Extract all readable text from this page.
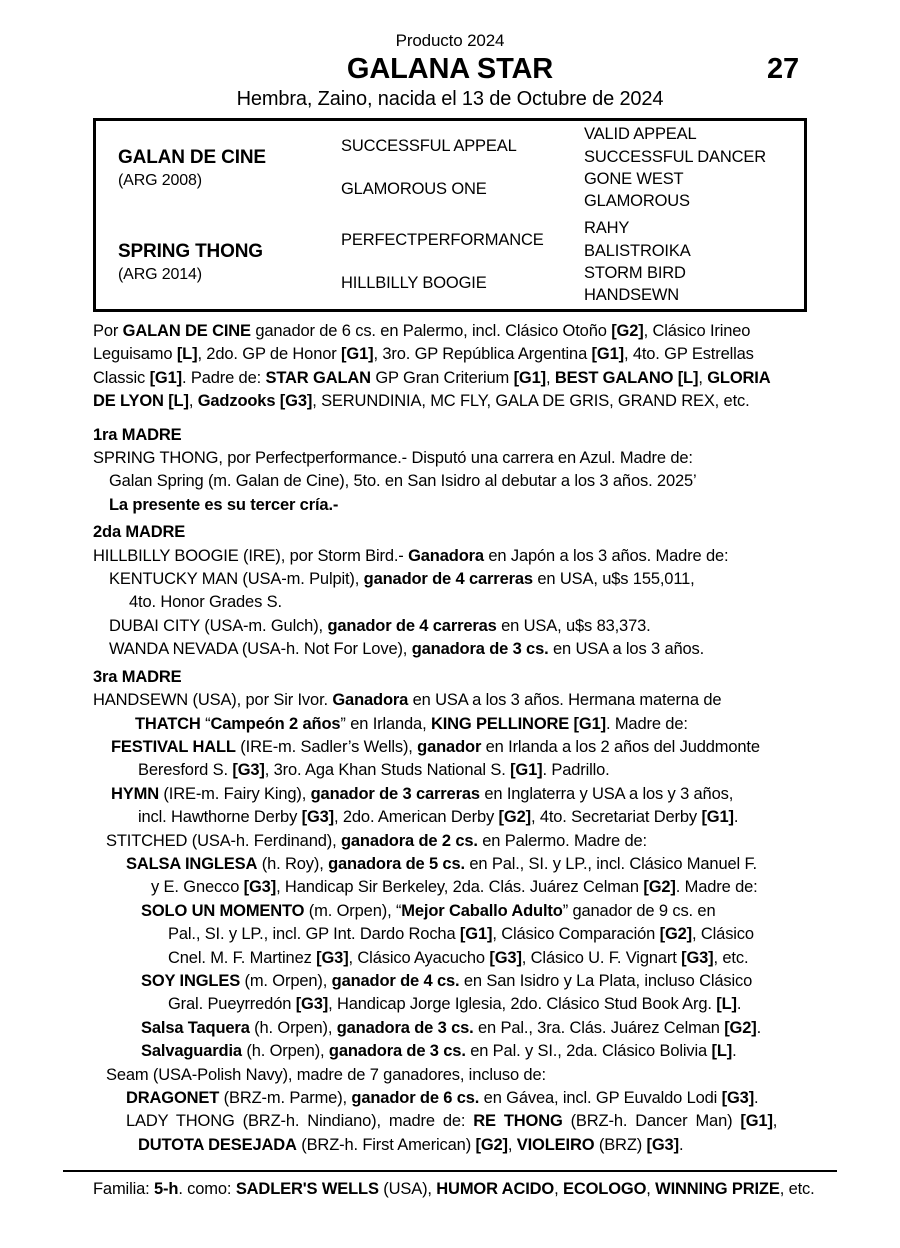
Producto 2024
GALANA STAR	27
Hembra, Zaino, nacida el 13 de Octubre de 2024
GALAN DE CINE
(ARG 2008)
SUCCESSFUL APPEAL
GLAMOROUS ONE
VALID APPEAL
SUCCESSFUL DANCER
GONE WEST
GLAMOROUS
SPRING THONG
(ARG 2014)
PERFECTPERFORMANCE
HILLBILLY BOOGIE
RAHY
BALISTROIKA
STORM BIRD
HANDSEWN
Por GALAN DE CINE ganador de 6 cs. en Palermo, incl. Clásico Otoño [G2], Clásico Irineo
Leguisamo [L], 2do. GP de Honor [G1], 3ro. GP República Argentina [G1], 4to. GP Estrellas
Classic [G1]. Padre de: STAR GALAN GP Gran Criterium [G1], BEST GALANO [L], GLORIA
DE LYON [L], Gadzooks [G3], SERUNDINIA, MC FLY, GALA DE GRIS, GRAND REX, etc.
1ra MADRE
SPRING THONG, por Perfectperformance.- Disputó una carrera en Azul. Madre de:
Galan Spring (m. Galan de Cine), 5to. en San Isidro al debutar a los 3 años. 2025’
La presente es su tercer cría.-
2da MADRE
HILLBILLY BOOGIE (IRE), por Storm Bird.- Ganadora en Japón a los 3 años. Madre de:
KENTUCKY MAN (USA-m. Pulpit), ganador de 4 carreras en USA, u$s 155,011,
4to. Honor Grades S.
DUBAI CITY (USA-m. Gulch), ganador de 4 carreras en USA, u$s 83,373.
WANDA NEVADA (USA-h. Not For Love), ganadora de 3 cs. en USA a los 3 años.
3ra MADRE
HANDSEWN (USA), por Sir Ivor. Ganadora en USA a los 3 años. Hermana materna de
THATCH “Campeón 2 años” en Irlanda, KING PELLINORE [G1]. Madre de:
FESTIVAL HALL (IRE-m. Sadler’s Wells), ganador en Irlanda a los 2 años del Juddmonte
Beresford S. [G3], 3ro. Aga Khan Studs National S. [G1]. Padrillo.
HYMN (IRE-m. Fairy King), ganador de 3 carreras en Inglaterra y USA a los y 3 años,
incl. Hawthorne Derby [G3], 2do. American Derby [G2], 4to. Secretariat Derby [G1].
STITCHED (USA-h. Ferdinand), ganadora de 2 cs. en Palermo. Madre de:
SALSA INGLESA (h. Roy), ganadora de 5 cs. en Pal., SI. y LP., incl. Clásico Manuel F.
y E. Gnecco [G3], Handicap Sir Berkeley, 2da. Clás. Juárez Celman [G2]. Madre de:
SOLO UN MOMENTO (m. Orpen), “Mejor Caballo Adulto” ganador de 9 cs. en
Pal., SI. y LP., incl. GP Int. Dardo Rocha [G1], Clásico Comparación [G2], Clásico
Cnel. M. F. Martinez [G3], Clásico Ayacucho [G3], Clásico U. F. Vignart [G3], etc.
SOY INGLES (m. Orpen), ganador de 4 cs. en San Isidro y La Plata, incluso Clásico
Gral. Pueyrredón [G3], Handicap Jorge Iglesia, 2do. Clásico Stud Book Arg. [L].
Salsa Taquera (h. Orpen), ganadora de 3 cs. en Pal., 3ra. Clás. Juárez Celman [G2].
Salvaguardia (h. Orpen), ganadora de 3 cs. en Pal. y SI., 2da. Clásico Bolivia [L].
Seam (USA-Polish Navy), madre de 7 ganadores, incluso de:
DRAGONET (BRZ-m. Parme), ganador de 6 cs. en Gávea, incl. GP Euvaldo Lodi [G3].
LADY THONG (BRZ-h. Nindiano), madre de: RE THONG (BRZ-h. Dancer Man) [G1],
DUTOTA DESEJADA (BRZ-h. First American) [G2], VIOLEIRO (BRZ) [G3].
Familia: 5-h. como: SADLER'S WELLS (USA), HUMOR ACIDO, ECOLOGO, WINNING PRIZE, etc.
